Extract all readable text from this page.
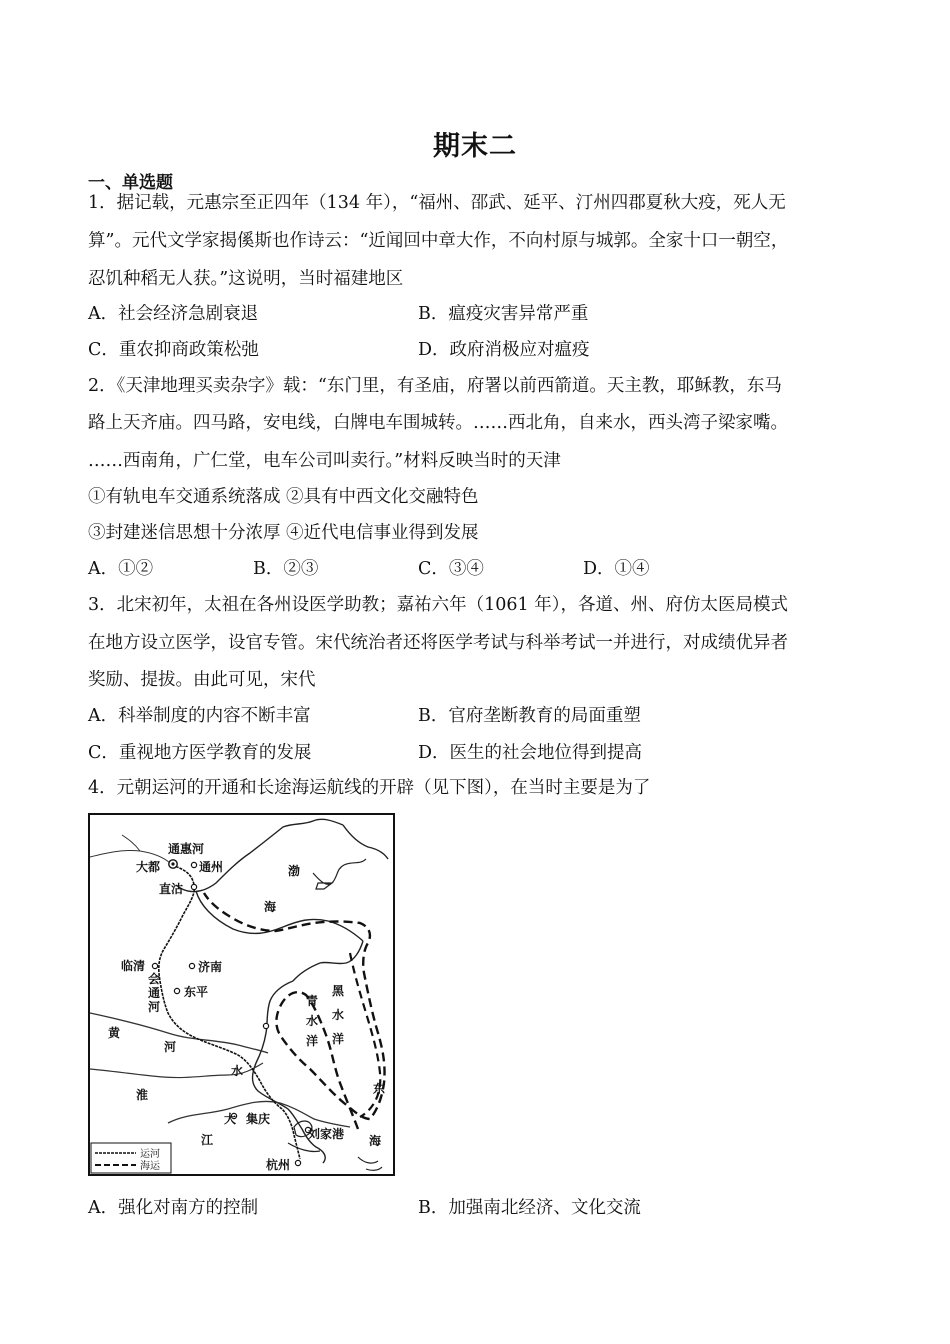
期末二
一、单选题
1．据记载，元惠宗至正四年（134 年），“福州、邵武、延平、汀州四郡夏秋大疫，死人无
算”。元代文学家揭傒斯也作诗云：“近闻回中章大作，不向村原与城郭。全家十口一朝空，
忍饥种稻无人获。”这说明，当时福建地区
A．社会经济急剧衰退	B．瘟疫灾害异常严重
C．重农抑商政策松弛	D．政府消极应对瘟疫
2．《天津地理买卖杂字》载：“东门里，有圣庙，府署以前西箭道。天主教，耶稣教，东马
路上天齐庙。四马路，安电线，白牌电车围城转。……西北角，自来水，西头湾子梁家嘴。
……西南角，广仁堂，电车公司叫卖行。”材料反映当时的天津
①有轨电车交通系统落成 ②具有中西文化交融特色
③封建迷信思想十分浓厚 ④近代电信事业得到发展
A．①②	B．②③	C．③④	D．①④
3．北宋初年，太祖在各州设医学助教；嘉祐六年（1061 年），各道、州、府仿太医局模式
在地方设立医学，设官专管。宋代统治者还将医学考试与科举考试一并进行，对成绩优异者
奖励、提拔。由此可见，宋代
A．科举制度的内容不断丰富	B．官府垄断教育的局面重塑
C．重视地方医学教育的发展	D．医生的社会地位得到提高
4．元朝运河的开通和长途海运航线的开辟（见下图），在当时主要是为了
通惠河
大都	通州
直沽
渤
海
临清	济南
会
通
河
东平
青
水
洋
黑
水
洋
黄
河
水
淮	东
大 集庆
江	刘家港 海
杭州
运河
海运
A．强化对南方的控制	B．加强南北经济、文化交流
